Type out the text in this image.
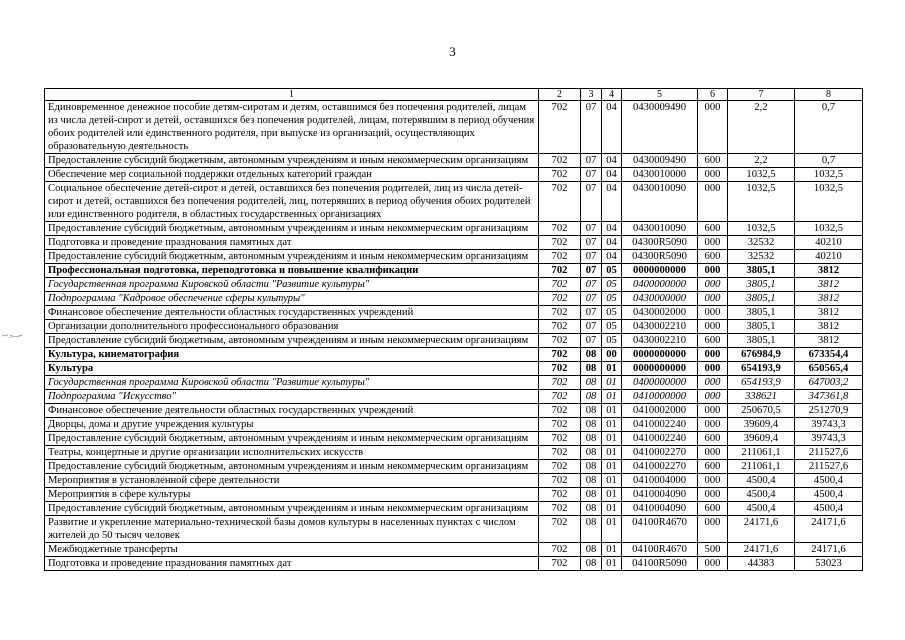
3
- -· .-—-·
1	2	3	4	5	6	7	8
Единовременное денежное пособие детям-сиротам и детям, оставшимся без попечения родителей, лицам из числа детей-сирот и детей, оставшихся без попечения родителей, лицам, потерявшим в период обучения обоих родителей или единственного родителя, при выпуске из организаций, осуществляющих образовательную деятельность	702	07	04	0430009490	000	2,2	0,7
Предоставление субсидий бюджетным, автономным учреждениям и иным некоммерческим организациям	702	07	04	0430009490	600	2,2	0,7
Обеспечение мер социальной поддержки отдельных категорий граждан	702	07	04	0430010000	000	1032,5	1032,5
Социальное обеспечение детей-сирот и детей, оставшихся без попечения родителей, лиц из числа детей-сирот и детей, оставшихся без попечения родителей, лиц, потерявших в период обучения обоих родителей или единственного родителя, в областных государственных организациях	702	07	04	0430010090	000	1032,5	1032,5
Предоставление субсидий бюджетным, автономным учреждениям и иным некоммерческим организациям	702	07	04	0430010090	600	1032,5	1032,5
Подготовка и проведение празднования памятных дат	702	07	04	04300R5090	000	32532	40210
Предоставление субсидий бюджетным, автономным учреждениям и иным некоммерческим организациям	702	07	04	04300R5090	600	32532	40210
Профессиональная подготовка, переподготовка и повышение квалификации	702	07	05	0000000000	000	3805,1	3812
Государственная программа Кировской области "Развитие культуры"	702	07	05	0400000000	000	3805,1	3812
Подпрограмма "Кадровое обеспечение сферы культуры"	702	07	05	0430000000	000	3805,1	3812
Финансовое обеспечение деятельности областных государственных учреждений	702	07	05	0430002000	000	3805,1	3812
Организации дополнительного профессионального образования	702	07	05	0430002210	000	3805,1	3812
Предоставление субсидий бюджетным, автономным учреждениям и иным некоммерческим организациям	702	07	05	0430002210	600	3805,1	3812
Культура, кинематография	702	08	00	0000000000	000	676984,9	673354,4
Культура	702	08	01	0000000000	000	654193,9	650565,4
Государственная программа Кировской области "Развитие культуры"	702	08	01	0400000000	000	654193,9	647003,2
Подпрограмма "Искусство"	702	08	01	0410000000	000	338621	347361,8
Финансовое обеспечение деятельности областных государственных учреждений	702	08	01	0410002000	000	250670,5	251270,9
Дворцы, дома и другие учреждения культуры	702	08	01	0410002240	000	39609,4	39743,3
Предоставление субсидий бюджетным, автономным учреждениям и иным некоммерческим организациям	702	08	01	0410002240	600	39609,4	39743,3
Театры, концертные и другие организации исполнительских искусств	702	08	01	0410002270	000	211061,1	211527,6
Предоставление субсидий бюджетным, автономным учреждениям и иным некоммерческим организациям	702	08	01	0410002270	600	211061,1	211527,6
Мероприятия в установленной сфере деятельности	702	08	01	0410004000	000	4500,4	4500,4
Мероприятия в сфере культуры	702	08	01	0410004090	000	4500,4	4500,4
Предоставление субсидий бюджетным, автономным учреждениям и иным некоммерческим организациям	702	08	01	0410004090	600	4500,4	4500,4
Развитие и укрепление материально-технической базы домов культуры в населенных пунктах с числом жителей до 50 тысяч человек	702	08	01	04100R4670	000	24171,6	24171,6
Межбюджетные трансферты	702	08	01	04100R4670	500	24171,6	24171,6
Подготовка и проведение празднования памятных дат	702	08	01	04100R5090	000	44383	53023
